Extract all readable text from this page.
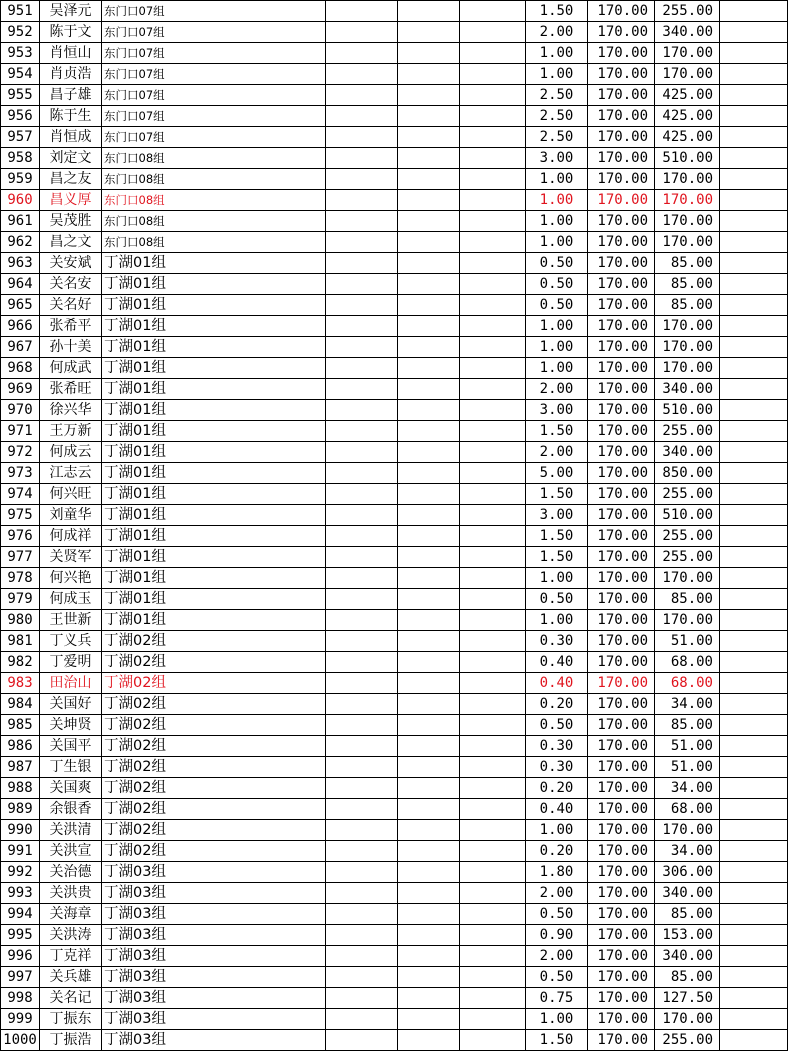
951	吴泽元	东门口07组				1.50	170.00	255.00	
952	陈于文	东门口07组				2.00	170.00	340.00	
953	肖恒山	东门口07组				1.00	170.00	170.00	
954	肖贞浩	东门口07组				1.00	170.00	170.00	
955	昌子雄	东门口07组				2.50	170.00	425.00	
956	陈于生	东门口07组				2.50	170.00	425.00	
957	肖恒成	东门口07组				2.50	170.00	425.00	
958	刘定文	东门口08组				3.00	170.00	510.00	
959	昌之友	东门口08组				1.00	170.00	170.00	
960	昌义厚	东门口08组				1.00	170.00	170.00	
961	吴茂胜	东门口08组				1.00	170.00	170.00	
962	昌之文	东门口08组				1.00	170.00	170.00	
963	关安斌	丁湖01组				0.50	170.00	85.00	
964	关名安	丁湖01组				0.50	170.00	85.00	
965	关名好	丁湖01组				0.50	170.00	85.00	
966	张希平	丁湖01组				1.00	170.00	170.00	
967	孙十美	丁湖01组				1.00	170.00	170.00	
968	何成武	丁湖01组				1.00	170.00	170.00	
969	张希旺	丁湖01组				2.00	170.00	340.00	
970	徐兴华	丁湖01组				3.00	170.00	510.00	
971	王万新	丁湖01组				1.50	170.00	255.00	
972	何成云	丁湖01组				2.00	170.00	340.00	
973	江志云	丁湖01组				5.00	170.00	850.00	
974	何兴旺	丁湖01组				1.50	170.00	255.00	
975	刘童华	丁湖01组				3.00	170.00	510.00	
976	何成祥	丁湖01组				1.50	170.00	255.00	
977	关贤军	丁湖01组				1.50	170.00	255.00	
978	何兴艳	丁湖01组				1.00	170.00	170.00	
979	何成玉	丁湖01组				0.50	170.00	85.00	
980	王世新	丁湖01组				1.00	170.00	170.00	
981	丁义兵	丁湖02组				0.30	170.00	51.00	
982	丁爱明	丁湖02组				0.40	170.00	68.00	
983	田治山	丁湖02组				0.40	170.00	68.00	
984	关国好	丁湖02组				0.20	170.00	34.00	
985	关坤贤	丁湖02组				0.50	170.00	85.00	
986	关国平	丁湖02组				0.30	170.00	51.00	
987	丁生银	丁湖02组				0.30	170.00	51.00	
988	关国爽	丁湖02组				0.20	170.00	34.00	
989	余银香	丁湖02组				0.40	170.00	68.00	
990	关洪清	丁湖02组				1.00	170.00	170.00	
991	关洪宣	丁湖02组				0.20	170.00	34.00	
992	关治德	丁湖03组				1.80	170.00	306.00	
993	关洪贵	丁湖03组				2.00	170.00	340.00	
994	关海章	丁湖03组				0.50	170.00	85.00	
995	关洪涛	丁湖03组				0.90	170.00	153.00	
996	丁克祥	丁湖03组				2.00	170.00	340.00	
997	关兵雄	丁湖03组				0.50	170.00	85.00	
998	关名记	丁湖03组				0.75	170.00	127.50	
999	丁振东	丁湖03组				1.00	170.00	170.00	
1000	丁振浩	丁湖03组				1.50	170.00	255.00	
